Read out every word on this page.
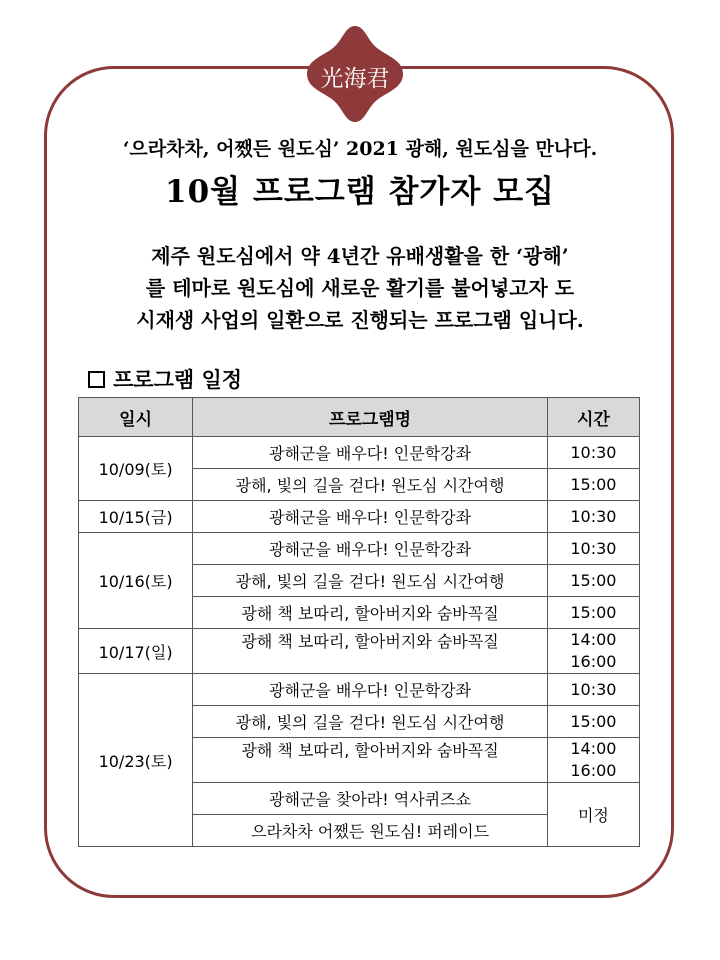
光海君
‘으라차차, 어쨌든 원도심’ 2021 광해, 원도심을 만나다.
10월 프로그램 참가자 모집
제주 원도심에서 약 4년간 유배생활을 한 ‘광해’
를 테마로 원도심에 새로운 활기를 불어넣고자 도
시재생 사업의 일환으로 진행되는 프로그램 입니다.
프로그램 일정
일시	프로그램명	시간
10/09(토)	광해군을 배우다! 인문학강좌	10:30
	광해, 빛의 길을 걷다! 원도심 시간여행	15:00
10/15(금)	광해군을 배우다! 인문학강좌	10:30
10/16(토)	광해군을 배우다! 인문학강좌	10:30
	광해, 빛의 길을 걷다! 원도심 시간여행	15:00
	광해 책 보따리, 할아버지와 숨바꼭질	15:00
10/17(일)	광해 책 보따리, 할아버지와 숨바꼭질	14:00
16:00

10/23(토)	광해군을 배우다! 인문학강좌	10:30
	광해, 빛의 길을 걷다! 원도심 시간여행	15:00
	광해 책 보따리, 할아버지와 숨바꼭질	14:00
16:00

	광해군을 찾아라! 역사퀴즈쇼	미정
	으라차차 어쨌든 원도심! 퍼레이드	
